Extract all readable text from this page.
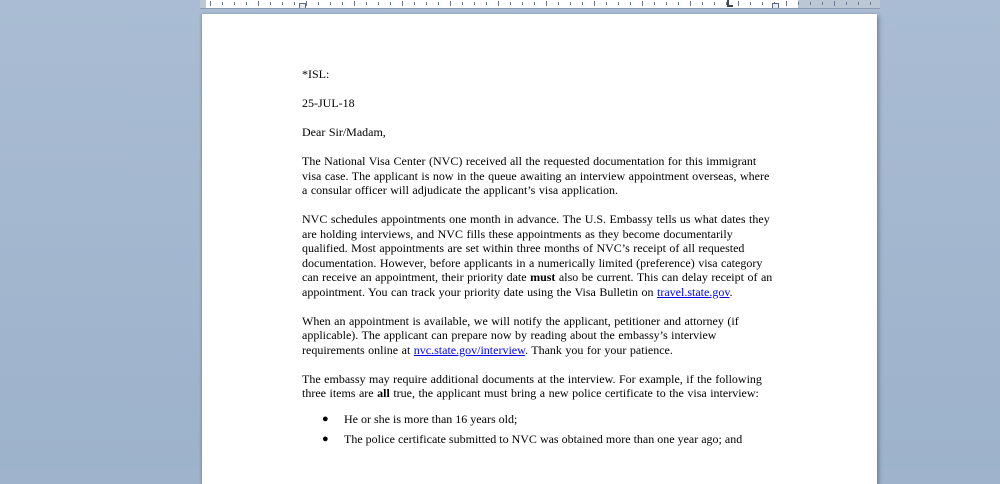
*ISL:

25-JUL-18

Dear Sir/Madam,

The National Visa Center (NVC) received all the requested documentation for this immigrant visa case. The applicant is now in the queue awaiting an interview appointment overseas, where a consular officer will adjudicate the applicant’s visa application.

NVC schedules appointments one month in advance. The U.S. Embassy tells us what dates they are holding interviews, and NVC fills these appointments as they become documentarily qualified. Most appointments are set within three months of NVC’s receipt of all requested documentation. However, before applicants in a numerically limited (preference) visa category can receive an appointment, their priority date must also be current. This can delay receipt of an appointment. You can track your priority date using the Visa Bulletin on travel.state.gov.

When an appointment is available, we will notify the applicant, petitioner and attorney (if applicable). The applicant can prepare now by reading about the embassy’s interview requirements online at nvc.state.gov/interview. Thank you for your patience.

The embassy may require additional documents at the interview. For example, if the following three items are all true, the applicant must bring a new police certificate to the visa interview:

● He or she is more than 16 years old;
● The police certificate submitted to NVC was obtained more than one year ago; and
